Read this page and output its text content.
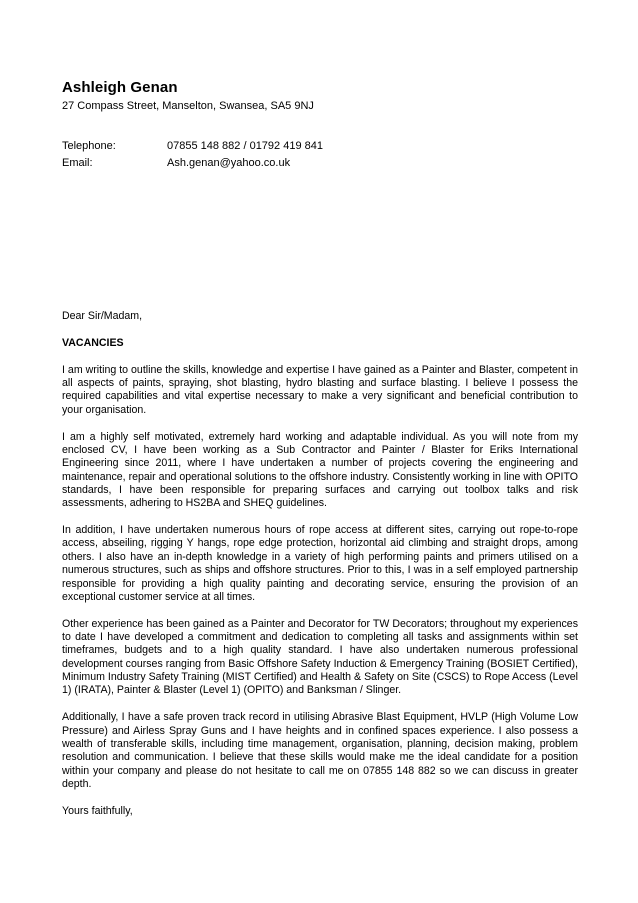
Ashleigh Genan
27 Compass Street, Manselton, Swansea, SA5 9NJ
Telephone:	07855 148 882 / 01792 419 841
Email:	Ash.genan@yahoo.co.uk

Dear Sir/Madam,

VACANCIES

I am writing to outline the skills, knowledge and expertise I have gained as a Painter and Blaster, competent in all aspects of paints, spraying, shot blasting, hydro blasting and surface blasting. I believe I possess the required capabilities and vital expertise necessary to make a very significant and beneficial contribution to your organisation.

I am a highly self motivated, extremely hard working and adaptable individual. As you will note from my enclosed CV, I have been working as a Sub Contractor and Painter / Blaster for Eriks International Engineering since 2011, where I have undertaken a number of projects covering the engineering and maintenance, repair and operational solutions to the offshore industry. Consistently working in line with OPITO standards, I have been responsible for preparing surfaces and carrying out toolbox talks and risk assessments, adhering to HS2BA and SHEQ guidelines.

In addition, I have undertaken numerous hours of rope access at different sites, carrying out rope-to-rope access, abseiling, rigging Y hangs, rope edge protection, horizontal aid climbing and straight drops, among others. I also have an in-depth knowledge in a variety of high performing paints and primers utilised on a numerous structures, such as ships and offshore structures. Prior to this, I was in a self employed partnership responsible for providing a high quality painting and decorating service, ensuring the provision of an exceptional customer service at all times.

Other experience has been gained as a Painter and Decorator for TW Decorators; throughout my experiences to date I have developed a commitment and dedication to completing all tasks and assignments within set timeframes, budgets and to a high quality standard. I have also undertaken numerous professional development courses ranging from Basic Offshore Safety Induction & Emergency Training (BOSIET Certified), Minimum Industry Safety Training (MIST Certified) and Health & Safety on Site (CSCS) to Rope Access (Level 1) (IRATA), Painter & Blaster (Level 1) (OPITO) and Banksman / Slinger.

Additionally, I have a safe proven track record in utilising Abrasive Blast Equipment, HVLP (High Volume Low Pressure) and Airless Spray Guns and I have heights and in confined spaces experience. I also possess a wealth of transferable skills, including time management, organisation, planning, decision making, problem resolution and communication. I believe that these skills would make me the ideal candidate for a position within your company and please do not hesitate to call me on 07855 148 882 so we can discuss in greater depth.

Yours faithfully,
